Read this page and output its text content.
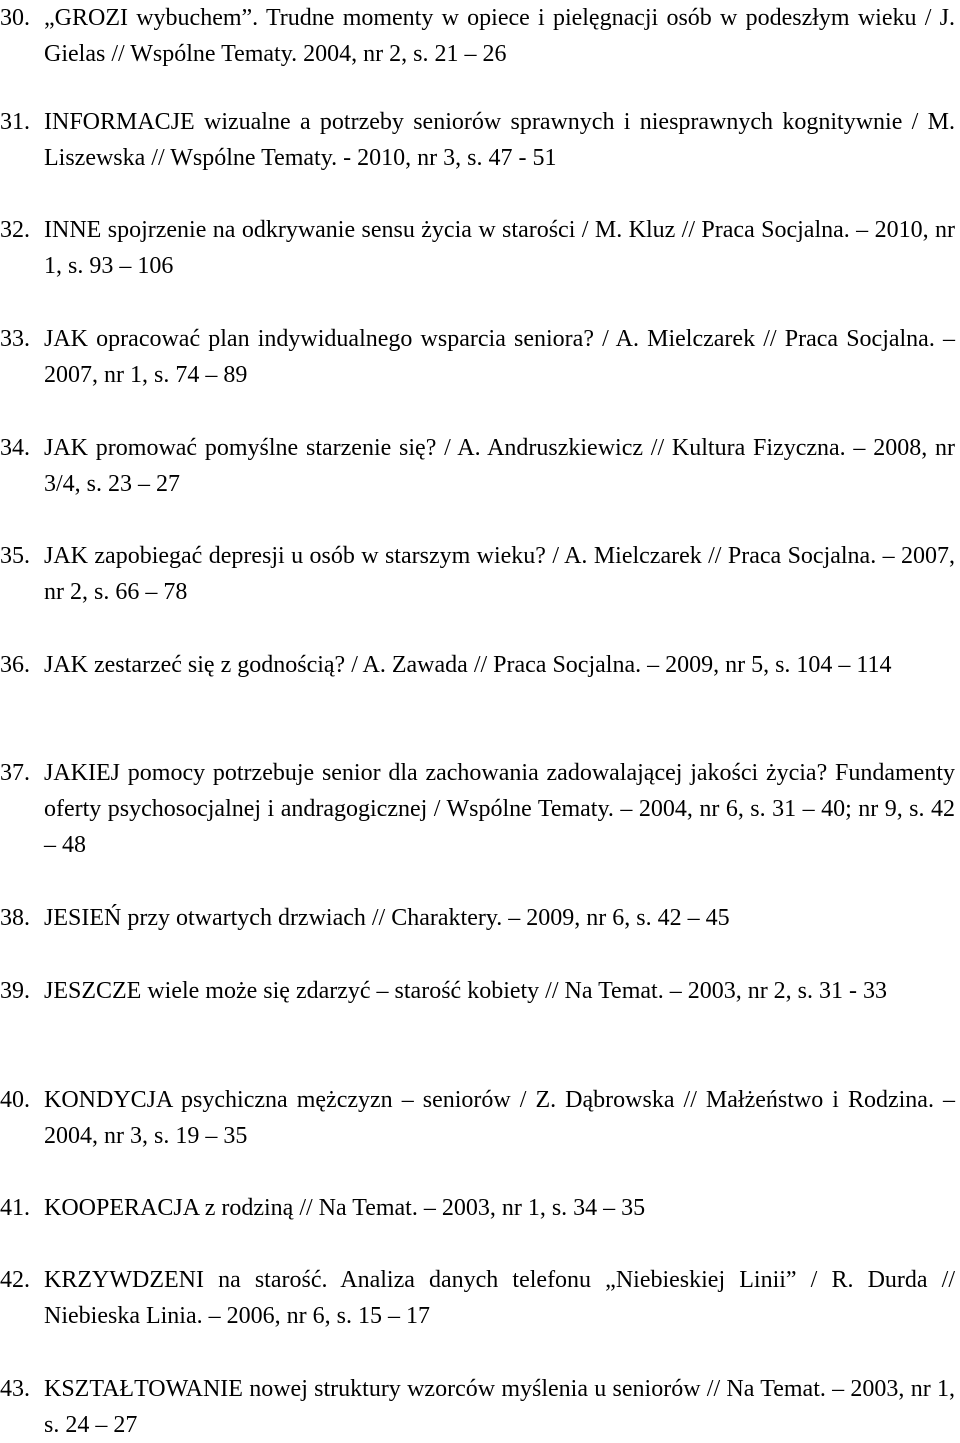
30. „GROZI wybuchem”. Trudne momenty w opiece i pielęgnacji osób w podeszłym wieku / J. Gielas // Wspólne Tematy. 2004, nr 2, s. 21 – 26
31. INFORMACJE wizualne a potrzeby seniorów sprawnych i niesprawnych kognitywnie / M. Liszewska // Wspólne Tematy. - 2010, nr 3, s. 47 - 51
32. INNE spojrzenie na odkrywanie sensu życia w starości / M. Kluz // Praca Socjalna. – 2010, nr 1, s. 93 – 106
33. JAK opracować plan indywidualnego wsparcia seniora? / A. Mielczarek // Praca Socjalna. – 2007, nr 1, s. 74 – 89
34. JAK promować pomyślne starzenie się? / A. Andruszkiewicz // Kultura Fizyczna. – 2008, nr 3/4, s. 23 – 27
35. JAK zapobiegać depresji u osób w starszym wieku? / A. Mielczarek // Praca Socjalna. – 2007, nr 2, s. 66 – 78
36. JAK zestarzeć się z godnością? / A. Zawada // Praca Socjalna. – 2009, nr 5, s. 104 – 114
37. JAKIEJ pomocy potrzebuje senior dla zachowania zadowalającej jakości życia? Fundamenty oferty psychosocjalnej i andragogicznej / Wspólne Tematy. – 2004, nr 6, s. 31 – 40; nr 9, s. 42 – 48
38. JESIEŃ przy otwartych drzwiach // Charaktery. – 2009, nr 6, s. 42 – 45
39. JESZCZE wiele może się zdarzyć – starość kobiety // Na Temat. – 2003, nr 2, s. 31 - 33
40. KONDYCJA psychiczna mężczyzn – seniorów / Z. Dąbrowska // Małżeństwo i Rodzina. – 2004, nr 3, s. 19 – 35
41. KOOPERACJA z rodziną // Na Temat. – 2003, nr 1, s. 34 – 35
42. KRZYWDZENI na starość. Analiza danych telefonu „Niebieskiej Linii” / R. Durda // Niebieska Linia. – 2006, nr 6, s. 15 – 17
43. KSZTAŁTOWANIE nowej struktury wzorców myślenia u seniorów // Na Temat. – 2003, nr 1, s. 24 – 27
